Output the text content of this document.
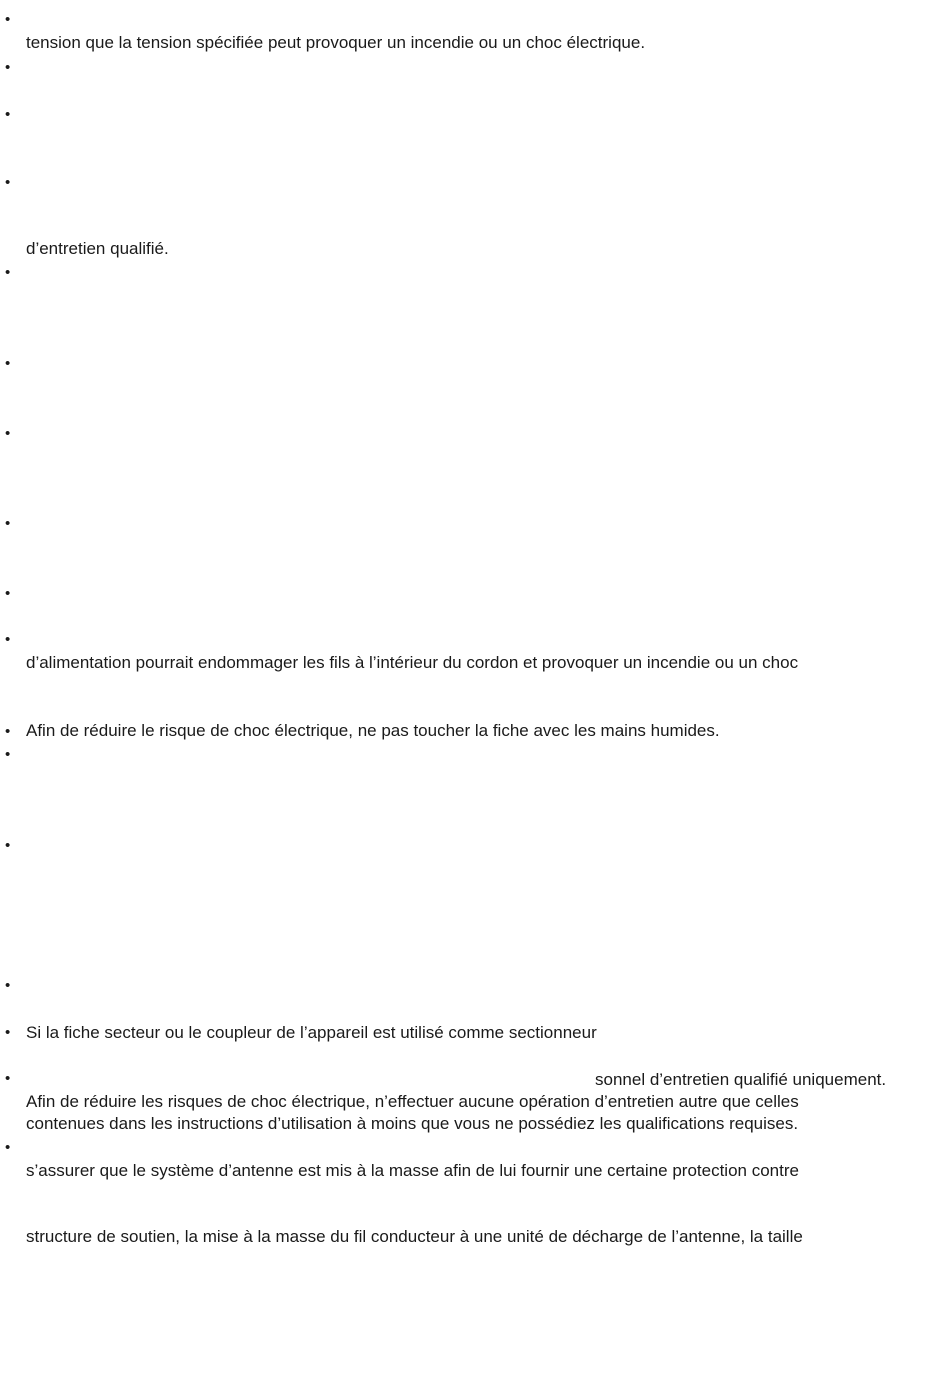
•
•
•
•
•
•
•
•
•
•
•
•
•
•
•
•
•
tension que la tension spécifiée peut provoquer un incendie ou un choc électrique.
d’entretien qualifié.
d’alimentation pourrait endommager les fils à l’intérieur du cordon et provoquer un incendie ou un choc
Afin de réduire le risque de choc électrique, ne pas toucher la fiche avec les mains humides.
Si la fiche secteur ou le coupleur de l’appareil est utilisé comme sectionneur
sonnel d’entretien qualifié uniquement.
Afin de réduire les risques de choc électrique, n’effectuer aucune opération d’entretien autre que celles
contenues dans les instructions d’utilisation à moins que vous ne possédiez les qualifications requises.
s’assurer que le système d’antenne est mis à la masse afin de lui fournir une certaine protection contre
structure de soutien, la mise à la masse du fil conducteur à une unité de décharge de l’antenne, la taille
